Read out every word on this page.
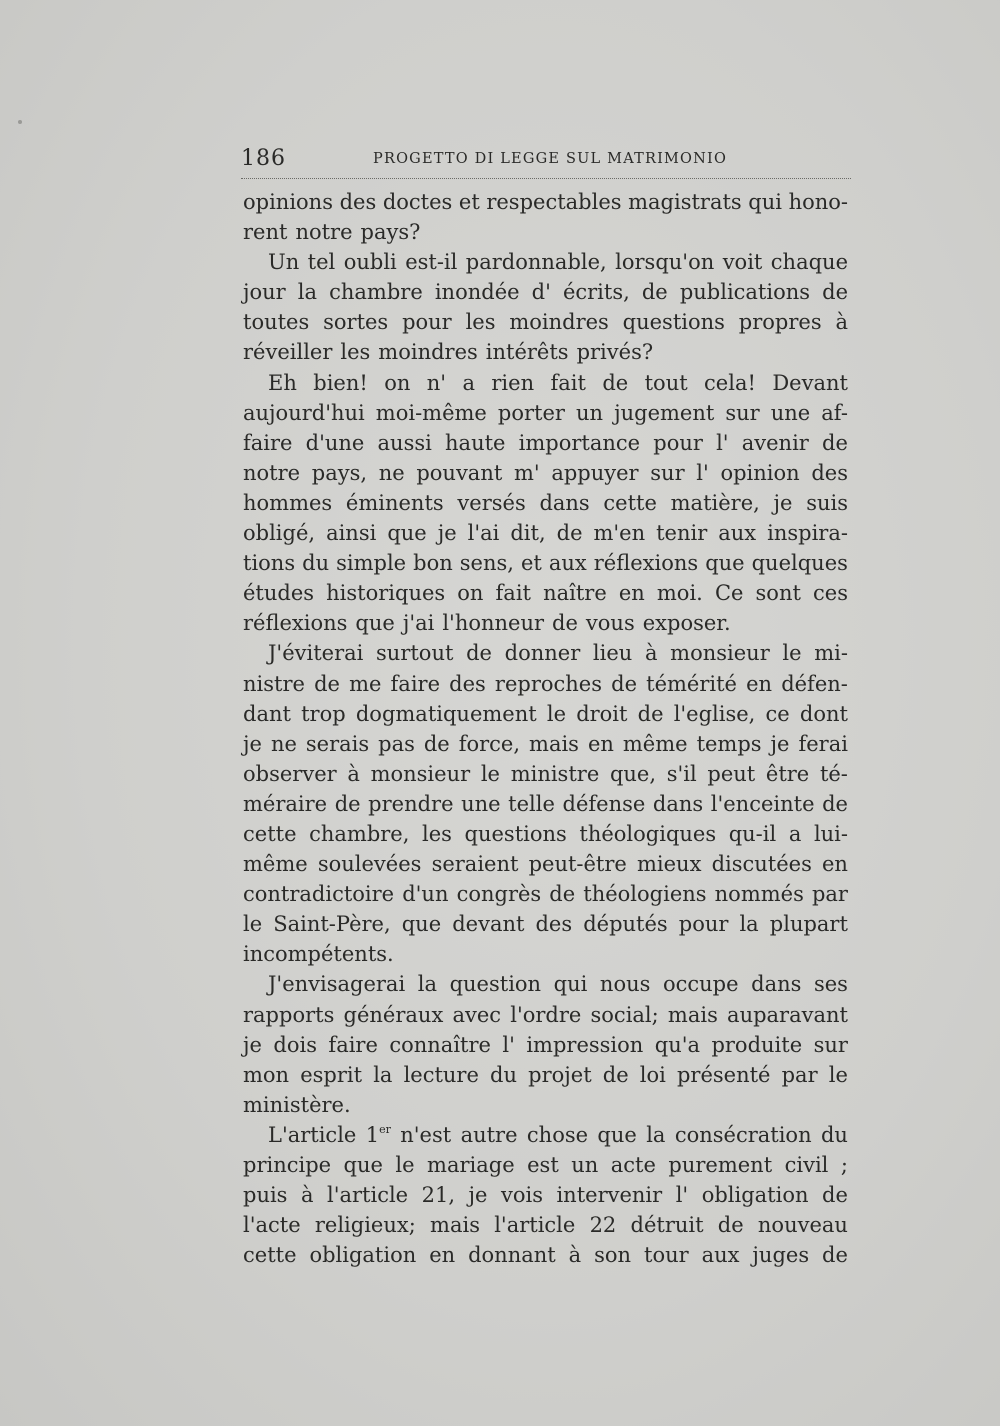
186	PROGETTO DI LEGGE SUL MATRIMONIO
opinions des doctes et respectables magistrats qui hono-
rent notre pays?
Un tel oubli est-il pardonnable, lorsqu'on voit chaque
jour la chambre inondée d' écrits, de publications de
toutes sortes pour les moindres questions propres à
réveiller les moindres intérêts privés?
Eh bien! on n' a rien fait de tout cela! Devant
aujourd'hui moi-même porter un jugement sur une af-
faire d'une aussi haute importance pour l' avenir de
notre pays, ne pouvant m' appuyer sur l' opinion des
hommes éminents versés dans cette matière, je suis
obligé, ainsi que je l'ai dit, de m'en tenir aux inspira-
tions du simple bon sens, et aux réflexions que quelques
études historiques on fait naître en moi. Ce sont ces
réflexions que j'ai l'honneur de vous exposer.
J'éviterai surtout de donner lieu à monsieur le mi-
nistre de me faire des reproches de témérité en défen-
dant trop dogmatiquement le droit de l'eglise, ce dont
je ne serais pas de force, mais en même temps je ferai
observer à monsieur le ministre que, s'il peut être té-
méraire de prendre une telle défense dans l'enceinte de
cette chambre, les questions théologiques qu-il a lui-
même soulevées seraient peut-être mieux discutées en
contradictoire d'un congrès de théologiens nommés par
le Saint-Père, que devant des députés pour la plupart
incompétents.
J'envisagerai la question qui nous occupe dans ses
rapports généraux avec l'ordre social; mais auparavant
je dois faire connaître l' impression qu'a produite sur
mon esprit la lecture du projet de loi présenté par le
ministère.
L'article 1er n'est autre chose que la consécration du
principe que le mariage est un acte purement civil ;
puis à l'article 21, je vois intervenir l' obligation de
l'acte religieux; mais l'article 22 détruit de nouveau
cette obligation en donnant à son tour aux juges de
